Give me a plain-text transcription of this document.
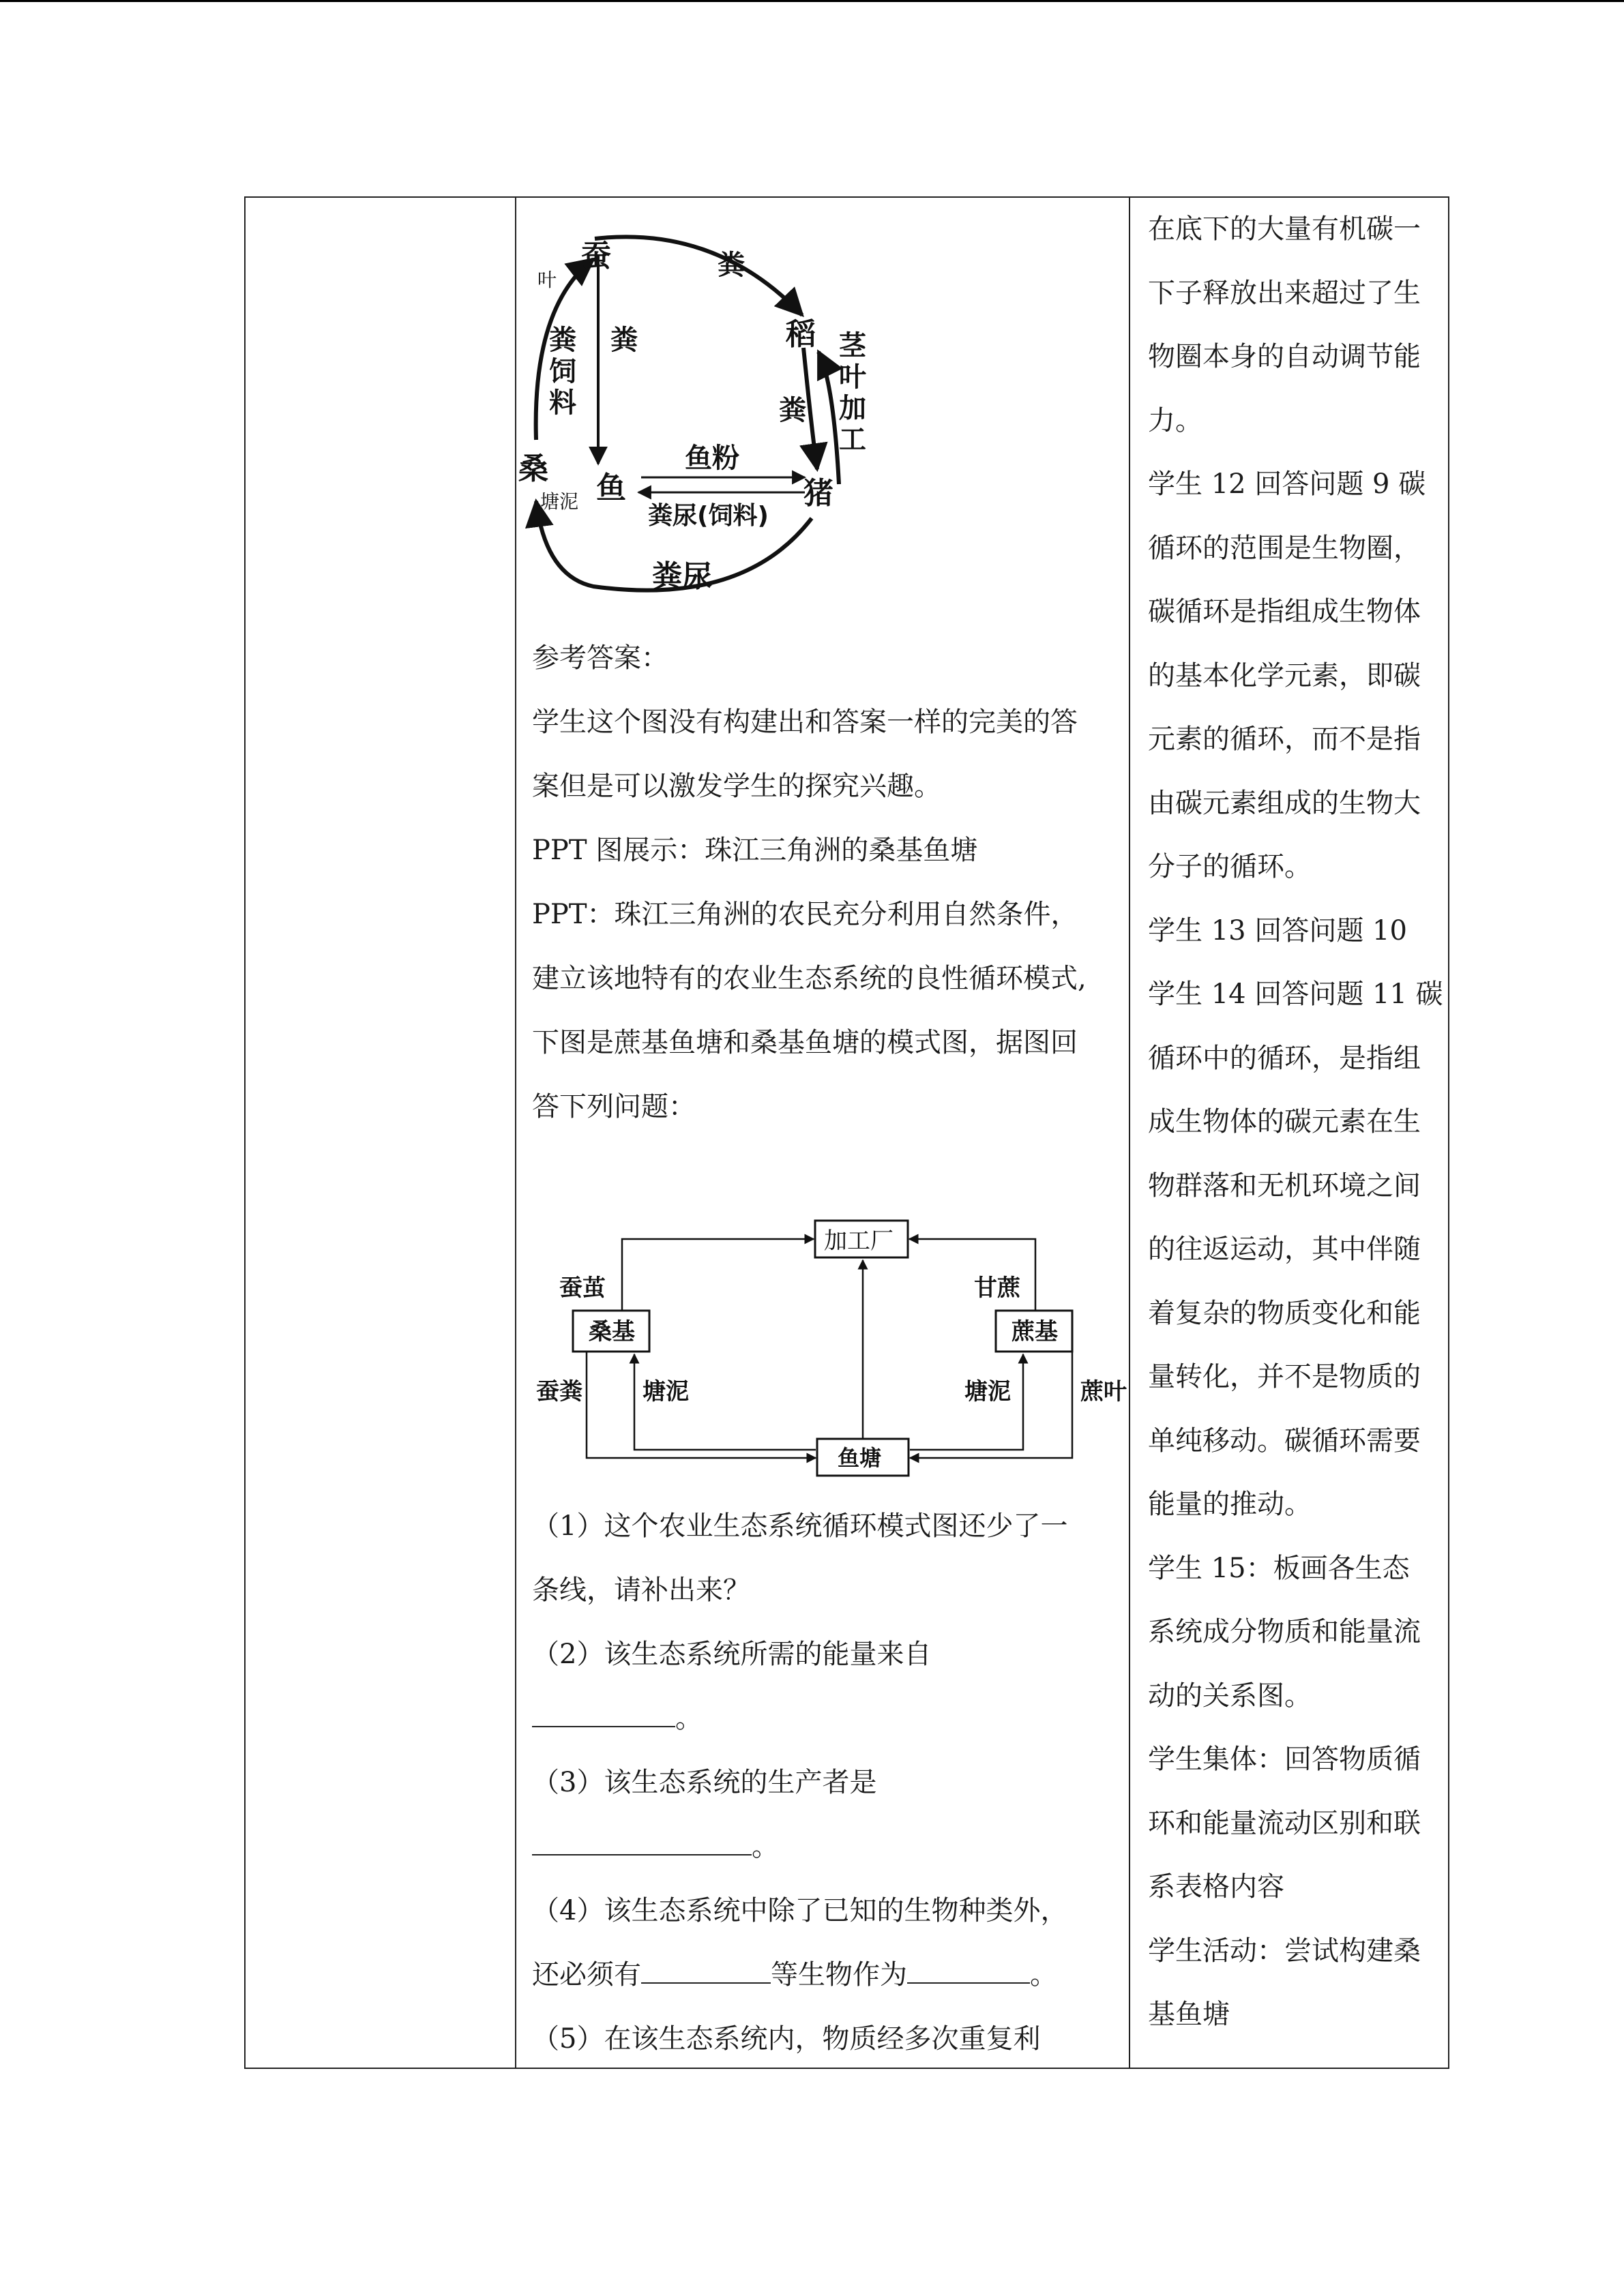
蚕
稻
桑
鱼	猪
叶	粪
粪
饲
料
粪	茎
叶
加
工
粪
鱼粉
粪尿(饲料)
塘泥
粪尿
参考答案：
学生这个图没有构建出和答案一样的完美的答
案但是可以激发学生的探究兴趣。
PPT 图展示：珠江三角洲的桑基鱼塘
PPT：珠江三角洲的农民充分利用自然条件，
建立该地特有的农业生态系统的良性循环模式,
下图是蔗基鱼塘和桑基鱼塘的模式图，据图回
答下列问题：
加工厂
桑基	蔗基
鱼塘
蚕茧	甘蔗
蚕粪	塘泥	塘泥	蔗叶
（1）这个农业生态系统循环模式图还少了一
条线，请补出来？
（2）该生态系统所需的能量来自
。
（3）该生态系统的生产者是
。
（4）该生态系统中除了已知的生物种类外，
还必须有	等生物作为	。
（5）在该生态系统内，物质经多次重复利
在底下的大量有机碳一
下子释放出来超过了生
物圈本身的自动调节能
力。
学生 12 回答问题 9 碳
循环的范围是生物圈，
碳循环是指组成生物体
的基本化学元素，即碳
元素的循环，而不是指
由碳元素组成的生物大
分子的循环。
学生 13 回答问题 10
学生 14 回答问题 11 碳
循环中的循环，是指组
成生物体的碳元素在生
物群落和无机环境之间
的往返运动，其中伴随
着复杂的物质变化和能
量转化，并不是物质的
单纯移动。碳循环需要
能量的推动。
学生 15：板画各生态
系统成分物质和能量流
动的关系图。
学生集体：回答物质循
环和能量流动区别和联
系表格内容
学生活动：尝试构建桑
基鱼塘
